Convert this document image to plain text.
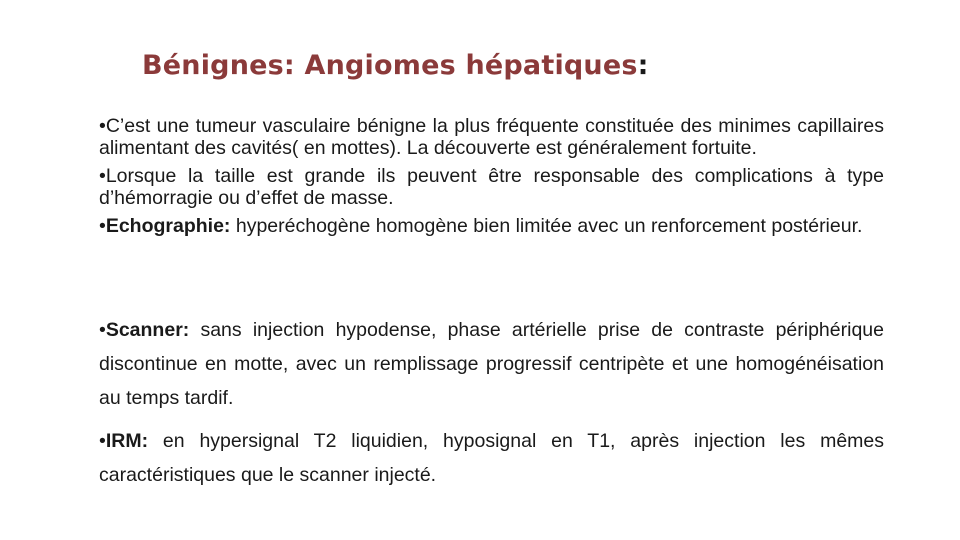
Bénignes: Angiomes hépatiques:

•C’est une tumeur vasculaire bénigne la plus fréquente constituée des minimes capillaires alimentant des cavités( en mottes). La découverte est généralement fortuite.

•Lorsque la taille est grande ils peuvent être responsable des complications à type d’hémorragie ou d’effet de masse.

•Echographie: hyperéchogène homogène bien limitée avec un renforcement postérieur.

•Scanner: sans injection hypodense, phase artérielle prise de contraste périphérique discontinue en motte, avec un remplissage progressif centripète et une homogénéisation au temps tardif.

•IRM: en hypersignal T2 liquidien, hyposignal en T1, après injection les mêmes caractéristiques que le scanner injecté.
